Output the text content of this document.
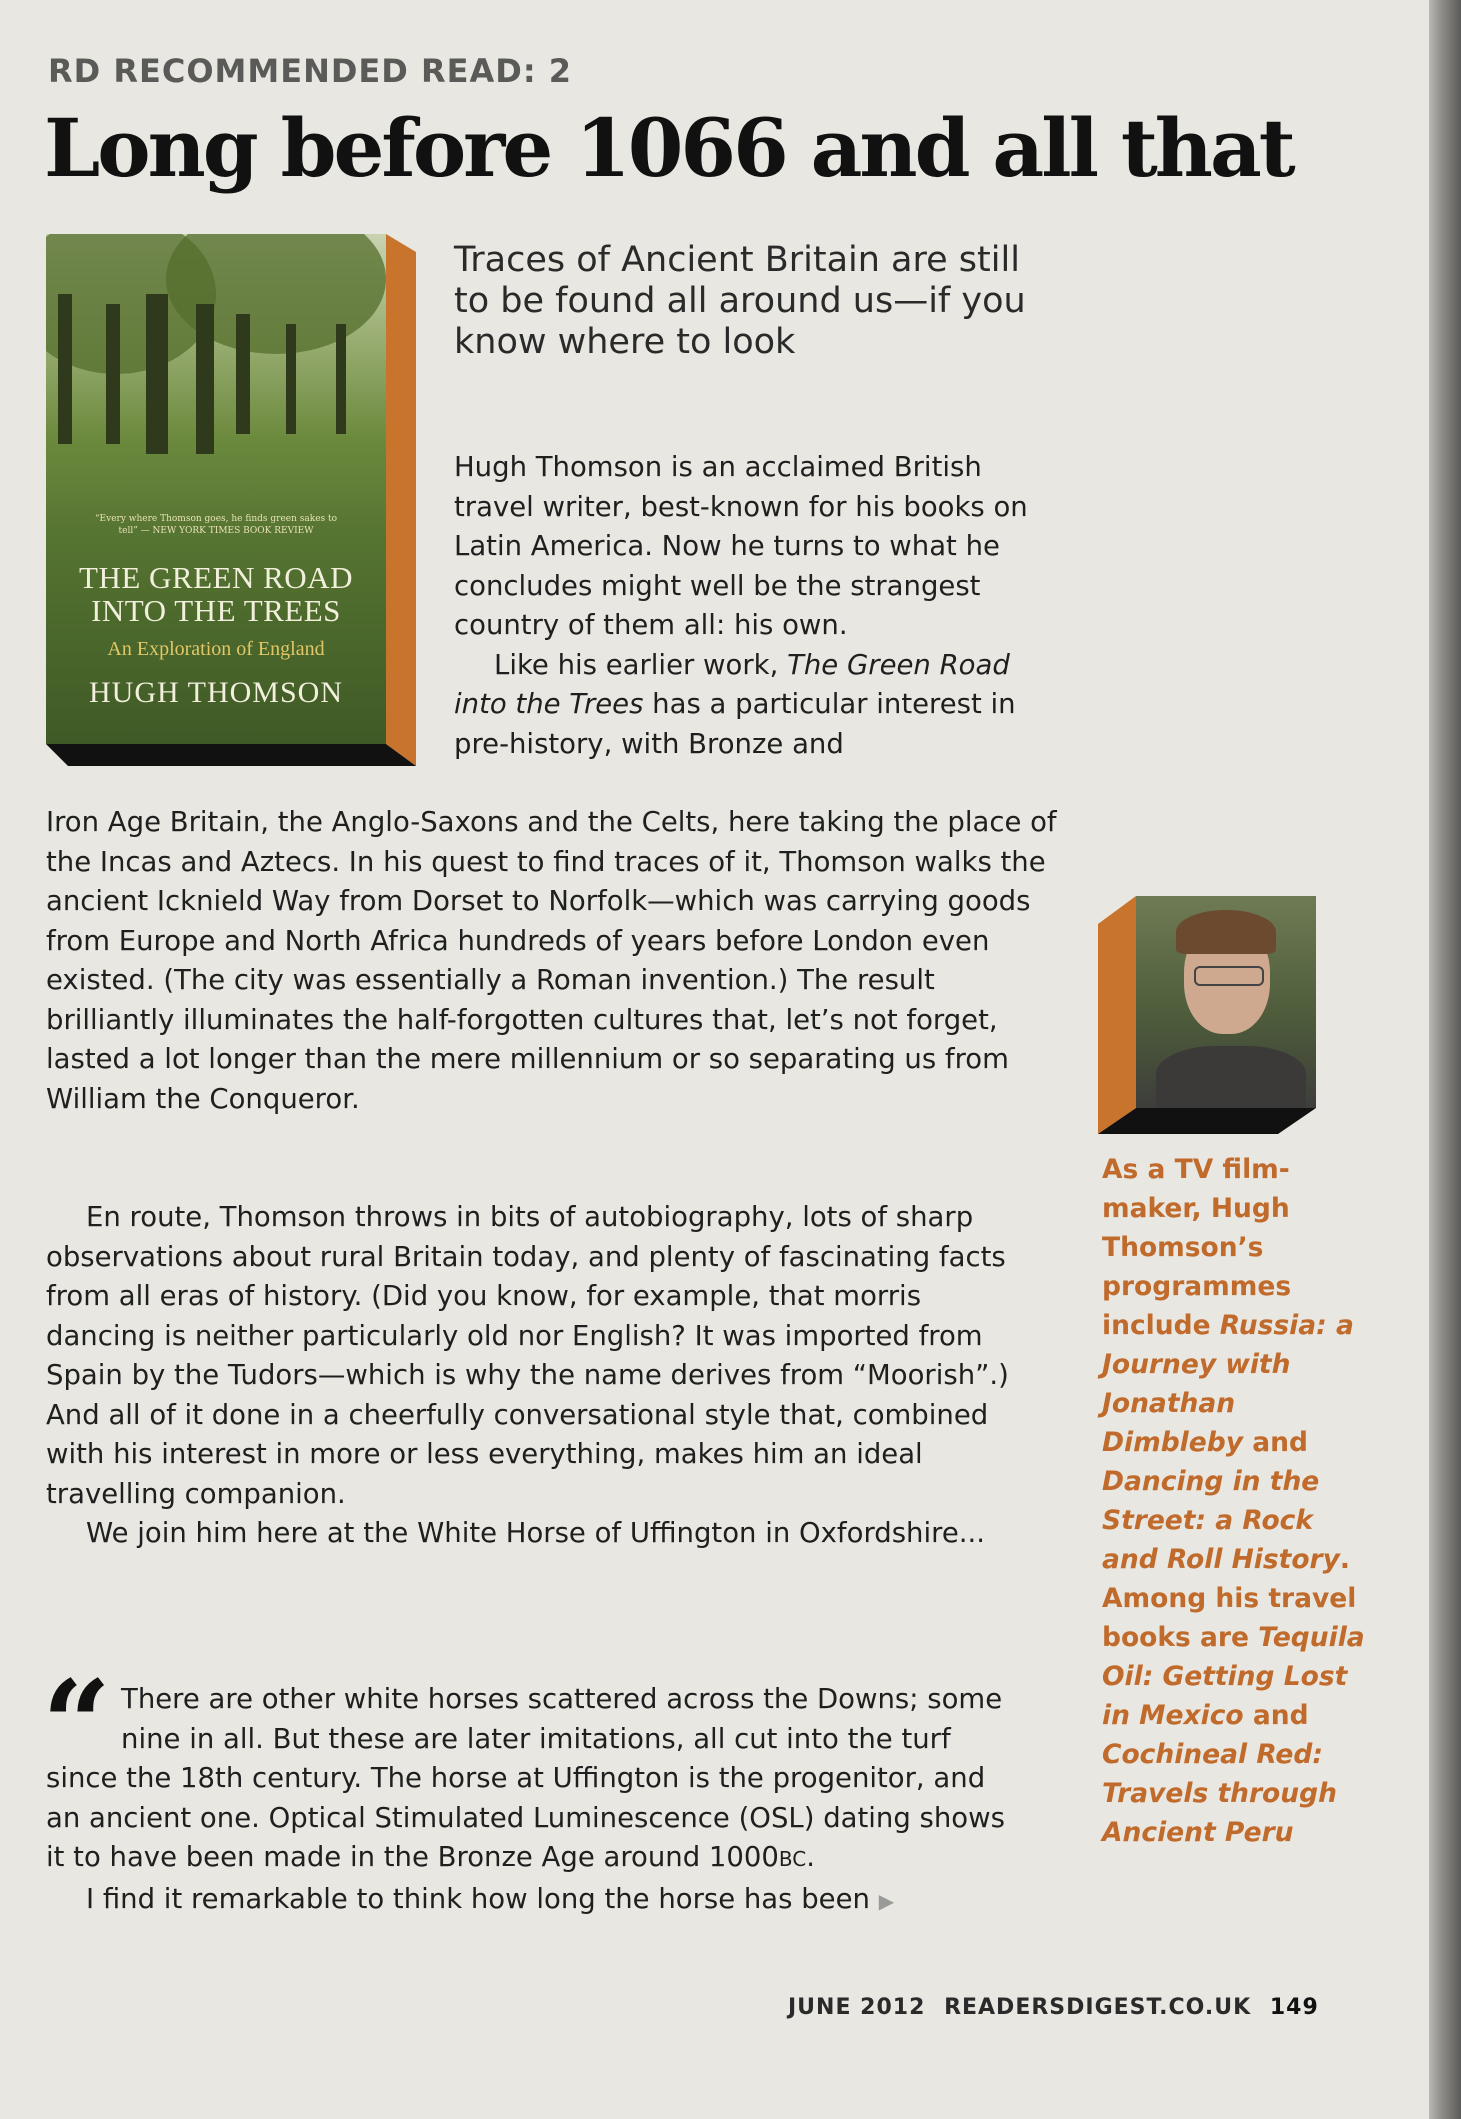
RD RECOMMENDED READ: 2
Long before 1066 and all that
“Every where Thomson goes, he finds green sakes to tell” — NEW YORK TIMES BOOK REVIEW
THE GREEN ROAD
INTO THE TREES
An Exploration of England
HUGH THOMSON
Traces of Ancient Britain are still to be found all around us—if you know where to look

Hugh Thomson is an acclaimed British travel writer, best-known for his books on Latin America. Now he turns to what he concludes might well be the strangest country of them all: his own.

Like his earlier work, The Green Road into the Trees has a particular interest in pre-history, with Bronze and

Iron Age Britain, the Anglo-Saxons and the Celts, here taking the place of the Incas and Aztecs. In his quest to find traces of it, Thomson walks the ancient Icknield Way from Dorset to Norfolk—which was carrying goods from Europe and North Africa hundreds of years before London even existed. (The city was essentially a Roman invention.) The result brilliantly illuminates the half-forgotten cultures that, let’s not forget, lasted a lot longer than the mere millennium or so separating us from William the Conqueror.

En route, Thomson throws in bits of autobiography, lots of sharp observations about rural Britain today, and plenty of fascinating facts from all eras of history. (Did you know, for example, that morris dancing is neither particularly old nor English? It was imported from Spain by the Tudors—which is why the name derives from “Moorish”.) And all of it done in a cheerfully conversational style that, combined with his interest in more or less everything, makes him an ideal travelling companion.

We join him here at the White Horse of Uffington in Oxfordshire...

“ There are other white horses scattered across the Downs; some nine in all. But these are later imitations, all cut into the turf since the 18th century. The horse at Uffington is the progenitor, and an ancient one. Optical Stimulated Luminescence (OSL) dating shows it to have been made in the Bronze Age around 1000BC.

I find it remarkable to think how long the horse has been ▶

As a TV film-maker, Hugh Thomson’s programmes include Russia: a Journey with Jonathan Dimbleby and Dancing in the Street: a Rock and Roll History. Among his travel books are Tequila Oil: Getting Lost in Mexico and Cochineal Red: Travels through Ancient Peru
JUNE 2012 READERSDIGEST.CO.UK 149
